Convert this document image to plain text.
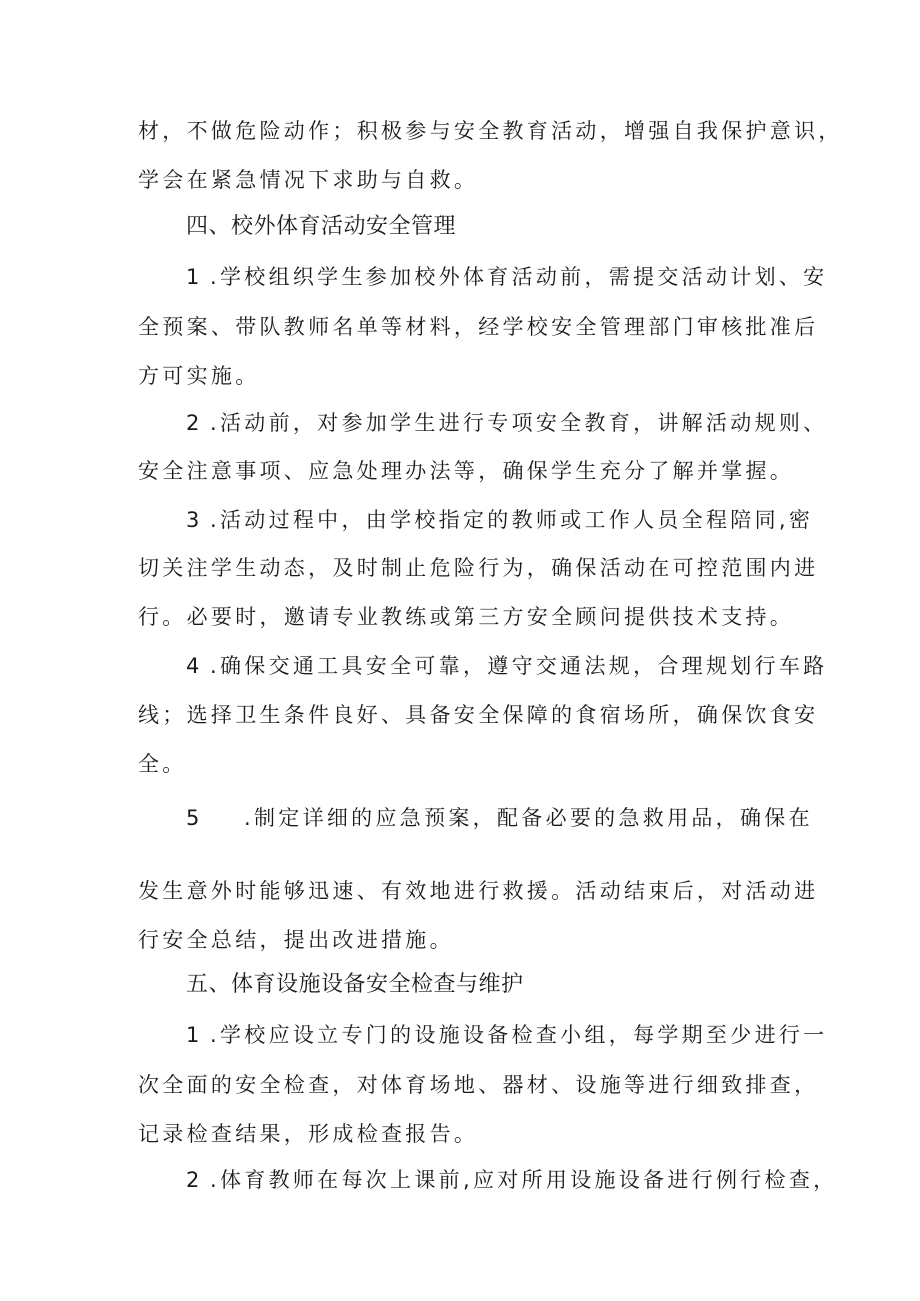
材，不做危险动作；积极参与安全教育活动，增强自我保护意识，
学会在紧急情况下求助与自救。
四、校外体育活动安全管理
1 .学校组织学生参加校外体育活动前，需提交活动计划、安
全预案、带队教师名单等材料，经学校安全管理部门审核批准后
方可实施。
2 .活动前，对参加学生进行专项安全教育，讲解活动规则、
安全注意事项、应急处理办法等，确保学生充分了解并掌握。
3 .活动过程中，由学校指定的教师或工作人员全程陪同,密
切关注学生动态，及时制止危险行为，确保活动在可控范围内进
行。必要时，邀请专业教练或第三方安全顾问提供技术支持。
4 .确保交通工具安全可靠，遵守交通法规，合理规划行车路
线；选择卫生条件良好、具备安全保障的食宿场所，确保饮食安
全。
5 .制定详细的应急预案，配备必要的急救用品，确保在
发生意外时能够迅速、有效地进行救援。活动结束后，对活动进
行安全总结，提出改进措施。
五、体育设施设备安全检查与维护
1 .学校应设立专门的设施设备检查小组，每学期至少进行一
次全面的安全检查，对体育场地、器材、设施等进行细致排查，
记录检查结果，形成检查报告。
2 .体育教师在每次上课前,应对所用设施设备进行例行检查，
